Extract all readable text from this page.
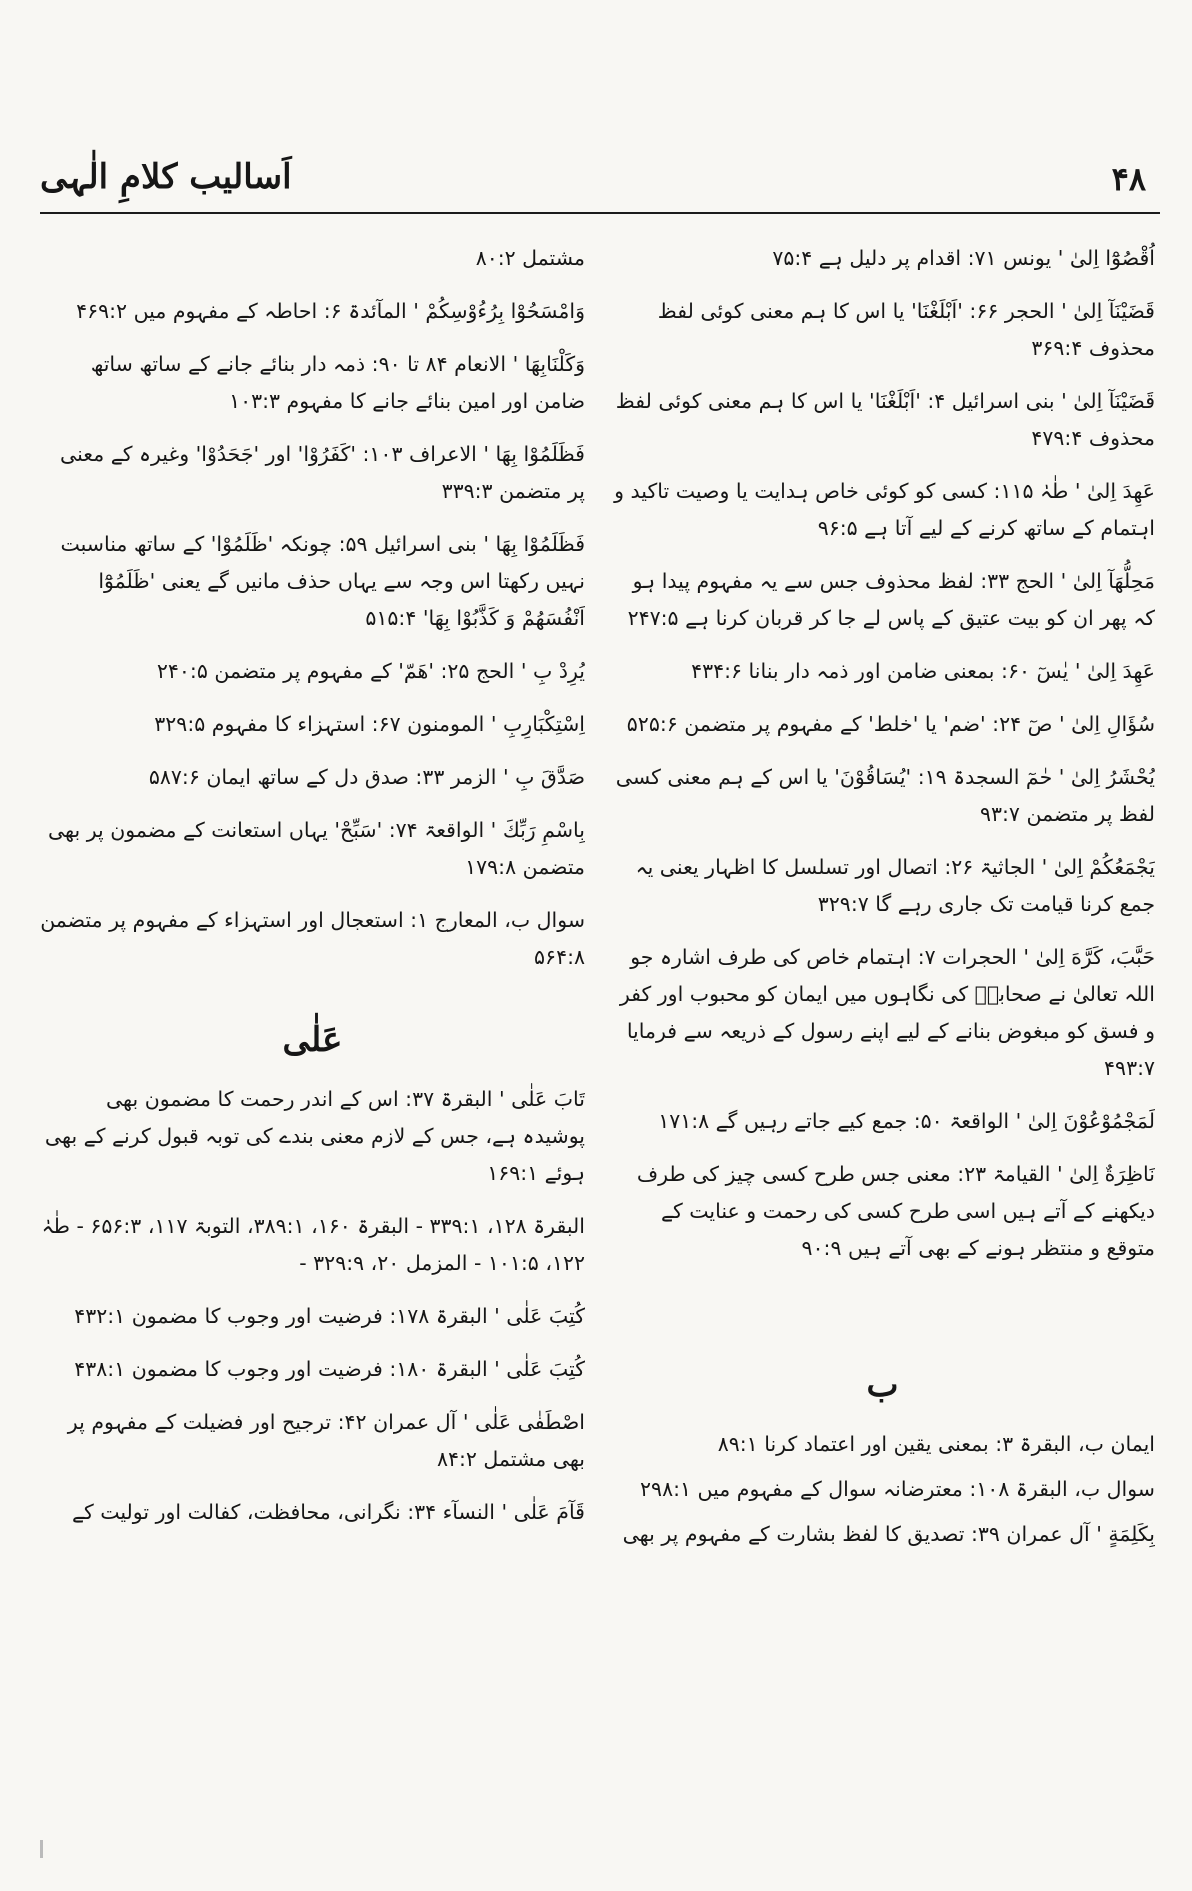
اَسالیب کلامِ الٰہی	۴۸

اُقْصُوْٓا اِلیٰ ' یونس ۷۱: اقدام پر دلیل ہے ۷۵:۴

قَضَیْنَآ اِلیٰ ' الحجر ۶۶: 'اَبْلَغْنَا' یا اس کا ہم معنی کوئی لفظ محذوف ۳۶۹:۴

قَضَیْنَآ اِلیٰ ' بنی اسرائیل ۴: 'اَبْلَغْنَا' یا اس کا ہم معنی کوئی لفظ محذوف ۴۷۹:۴

عَهِدَ اِلیٰ ' طٰہٰ ۱۱۵: کسی کو کوئی خاص ہدایت یا وصیت تاکید و اہتمام کے ساتھ کرنے کے لیے آتا ہے ۹۶:۵

مَحِلُّهَآ اِلیٰ ' الحج ۳۳: لفظ محذوف جس سے یہ مفہوم پیدا ہو کہ پھر ان کو بیت عتیق کے پاس لے جا کر قربان کرنا ہے ۲۴۷:۵

عَهِدَ اِلیٰ ' یٰسٓ ۶۰: بمعنی ضامن اور ذمہ دار بنانا ۴۳۴:۶

سُؤَالِ اِلیٰ ' صٓ ۲۴: 'ضم' یا 'خلط' کے مفہوم پر متضمن ۵۲۵:۶

یُحْشَرُ اِلیٰ ' حٰمٓ السجدۃ ۱۹: 'یُسَاقُوْنَ' یا اس کے ہم معنی کسی لفظ پر متضمن ۹۳:۷

یَجْمَعُكُمْ اِلیٰ ' الجاثیۃ ۲۶: اتصال اور تسلسل کا اظہار یعنی یہ جمع کرنا قیامت تک جاری رہے گا ۳۲۹:۷

حَبَّبَ، كَرَّهَ اِلیٰ ' الحجرات ۷: اہتمام خاص کی طرف اشارہ جو اللہ تعالیٰ نے صحابہؓ کی نگاہوں میں ایمان کو محبوب اور کفر و فسق کو مبغوض بنانے کے لیے اپنے رسول کے ذریعہ سے فرمایا ۴۹۳:۷

لَمَجْمُوْعُوْنَ اِلیٰ ' الواقعۃ ۵۰: جمع کیے جاتے رہیں گے ۱۷۱:۸

نَاظِرَةٌ اِلیٰ ' القیامۃ ۲۳: معنی جس طرح کسی چیز کی طرف دیکھنے کے آتے ہیں اسی طرح کسی کی رحمت و عنایت کے متوقع و منتظر ہونے کے بھی آتے ہیں ۹۰:۹

ب

ایمان ب، البقرۃ ۳: بمعنی یقین اور اعتماد کرنا ۸۹:۱

سوال ب، البقرۃ ۱۰۸: معترضانہ سوال کے مفہوم میں ۲۹۸:۱

بِكَلِمَةٍ ' آل عمران ۳۹: تصدیق کا لفظ بشارت کے مفہوم پر بھی

مشتمل ۸۰:۲

وَامْسَحُوْا بِرُءُوْسِكُمْ ' المآئدۃ ۶: احاطہ کے مفہوم میں ۴۶۹:۲

وَكَلْنَابِهَا ' الانعام ۸۴ تا ۹۰: ذمہ دار بنائے جانے کے ساتھ ساتھ ضامن اور امین بنائے جانے کا مفہوم ۱۰۳:۳

فَظَلَمُوْا بِهَا ' الاعراف ۱۰۳: 'كَفَرُوْا' اور 'جَحَدُوْا' وغیرہ کے معنی پر متضمن ۳۳۹:۳

فَظَلَمُوْا بِهَا ' بنی اسرائیل ۵۹: چونکہ 'ظَلَمُوْا' کے ساتھ مناسبت نہیں رکھتا اس وجہ سے یہاں حذف مانیں گے یعنی 'ظَلَمُوْٓا اَنْفُسَهُمْ وَ كَذَّبُوْا بِهَا' ۵۱۵:۴

یُرِدْ بِ ' الحج ۲۵: 'هَمّ' کے مفہوم پر متضمن ۲۴۰:۵

اِسْتِكْبَارِبِ ' المومنون ۶۷: استہزاء کا مفہوم ۳۲۹:۵

صَدَّقَ بِ ' الزمر ۳۳: صدق دل کے ساتھ ایمان ۵۸۷:۶

بِاسْمِ رَبِّكَ ' الواقعۃ ۷۴: 'سَبِّحْ' یہاں استعانت کے مضمون پر بھی متضمن ۱۷۹:۸

سوال ب، المعارج ۱: استعجال اور استہزاء کے مفہوم پر متضمن ۵۶۴:۸

عَلٰی

تَابَ عَلٰی ' البقرۃ ۳۷: اس کے اندر رحمت کا مضمون بھی پوشیدہ ہے، جس کے لازم معنی بندے کی توبہ قبول کرنے کے بھی ہوئے ۱۶۹:۱

البقرۃ ۱۲۸، ۳۳۹:۱ - البقرۃ ۱۶۰، ۳۸۹:۱، التوبۃ ۱۱۷، ۶۵۶:۳ - طٰہٰ ۱۲۲، ۱۰۱:۵ - المزمل ۲۰، ۳۲۹:۹ -

كُتِبَ عَلٰی ' البقرۃ ۱۷۸: فرضیت اور وجوب کا مضمون ۴۳۲:۱

كُتِبَ عَلٰی ' البقرۃ ۱۸۰: فرضیت اور وجوب کا مضمون ۴۳۸:۱

اصْطَفٰی عَلٰی ' آل عمران ۴۲: ترجیح اور فضیلت کے مفہوم پر بھی مشتمل ۸۴:۲

قَآمَ عَلٰی ' النسآء ۳۴: نگرانی، محافظت، کفالت اور تولیت کے
